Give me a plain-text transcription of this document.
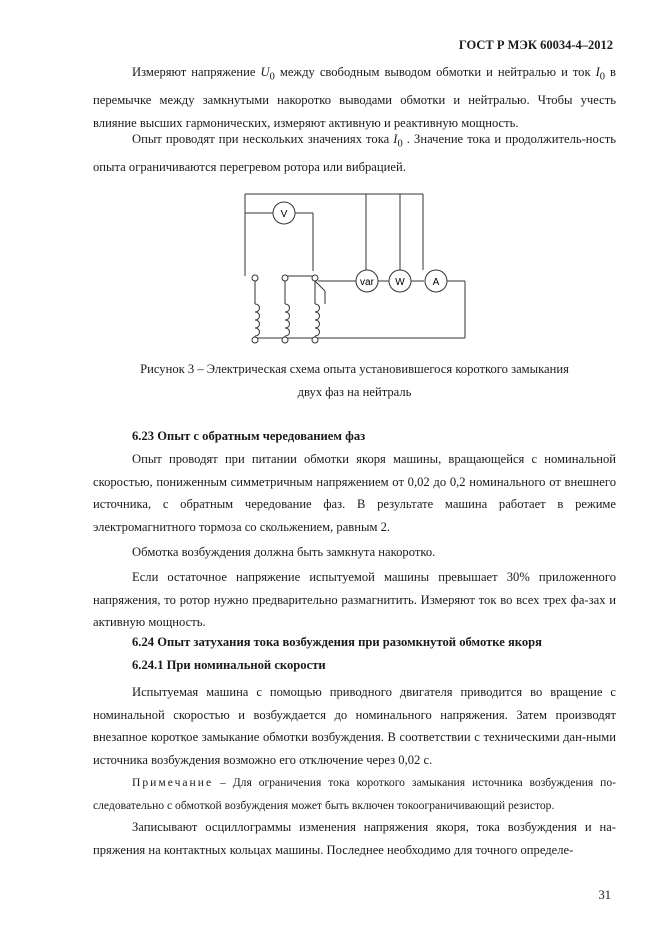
ГОСТ Р МЭК 60034-4–2012

Измеряют напряжение $U_0$ между свободным выводом обмотки и нейтралью и ток $I_0$ в перемычке между замкнутыми накоротко выводами обмотки и нейтралью. Чтобы учесть влияние высших гармонических, измеряют активную и реактивную мощность.

Опыт проводят при нескольких значениях тока $I_0$ . Значение тока и продолжитель-ность опыта ограничиваются перегревом ротора или вибрацией.

V
var W	A

Рисунок 3 – Электрическая схема опыта установившегося короткого замыкания

двух фаз на нейтраль

6.23 Опыт с обратным чередованием фаз

Опыт проводят при питании обмотки якоря машины, вращающейся с номинальной скоростью, пониженным симметричным напряжением от 0,02 до 0,2 номинального от внешнего источника, с обратным чередование фаз. В результате машина работает в режиме электромагнитного тормоза со скольжением, равным 2.

Обмотка возбуждения должна быть замкнута накоротко.

Если остаточное напряжение испытуемой машины превышает 30% приложенного напряжения, то ротор нужно предварительно размагнитить. Измеряют ток во всех трех фа-зах и активную мощность.

6.24 Опыт затухания тока возбуждения при разомкнутой обмотке якоря

6.24.1 При номинальной скорости

Испытуемая машина с помощью приводного двигателя приводится во вращение с номинальной скоростью и возбуждается до номинального напряжения. Затем производят внезапное короткое замыкание обмотки возбуждения. В соответствии с техническими дан-ными источника возбуждения возможно его отключение через 0,02 с.

Примечание – Для ограничения тока короткого замыкания источника возбуждения по-следовательно с обмоткой возбуждения может быть включен токоограничивающий резистор.

Записывают осциллограммы изменения напряжения якоря, тока возбуждения и на-пряжения на контактных кольцах машины. Последнее необходимо для точного определе-

31
